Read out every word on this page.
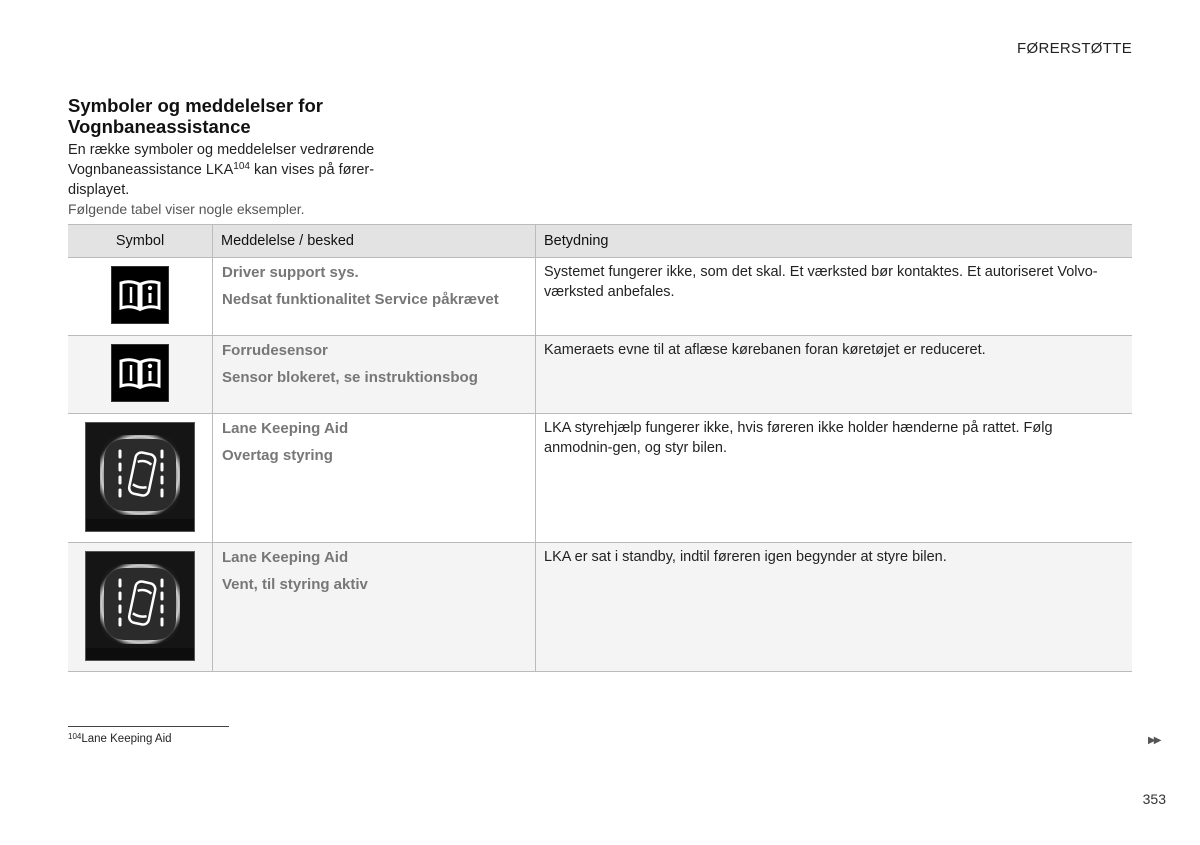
FØRERSTØTTE
Symboler og meddelelser for Vognbaneassistance
En række symboler og meddelelser vedrørende Vognbaneassistance LKA$^{104}$ kan vises på fører-displayet.
Følgende tabel viser nogle eksempler.
Symbol	Meddelelse / besked	Betydning

Driver support sys.
Nedsat funktionalitet Service påkrævet	Systemet fungerer ikke, som det skal. Et værksted bør kontaktes. Et autoriseret Volvo-værksted anbefales.

Forrudesensor
Sensor blokeret, se instruktionsbog	Kameraets evne til at aflæse kørebanen foran køretøjet er reduceret.

Lane Keeping Aid
Overtag styring	LKA styrehjælp fungerer ikke, hvis føreren ikke holder hænderne på rattet. Følg anmodnin-gen, og styr bilen.

Lane Keeping Aid
Vent, til styring aktiv	LKA er sat i standby, indtil føreren igen begynder at styre bilen.

$^{104}$Lane Keeping Aid	▶▶
353
